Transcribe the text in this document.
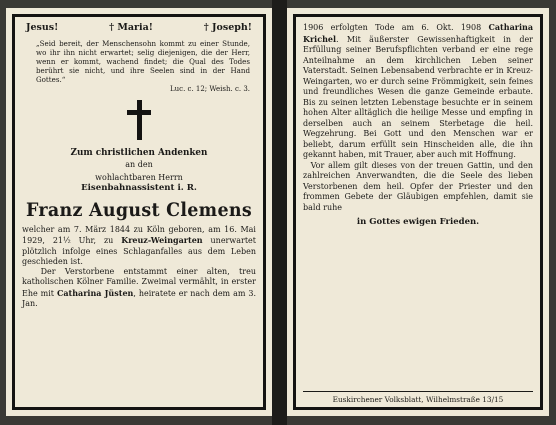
Jesus!	† Maria!	† Joseph!
„Seid bereit, der Menschensohn kommt zu einer Stunde, wo ihr ihn nicht erwartet; selig diejenigen, die der Herr, wenn er kommt, wachend findet; die Qual des Todes berührt sie nicht, und ihre Seelen sind in der Hand Gottes.“
Luc. c. 12; Weish. c. 3.
Zum christlichen Andenken
an den
wohlachtbaren Herrn
Eisenbahnassistent i. R.
Franz August Clemens
welcher am 7. März 1844 zu Köln geboren, am 16. Mai 1929, 21½ Uhr, zu Kreuz-Weingarten unerwartet plötzlich infolge eines Schlaganfalles aus dem Leben geschieden ist.
Der Verstorbene entstammt einer alten, treu katholischen Kölner Familie. Zweimal vermählt, in erster Ehe mit Catharina Jüsten, heiratete er nach dem am 3. Jan.
1906 erfolgten Tode am 6. Okt. 1908 Catharina Krichel. Mit äußerster Gewissenhaftigkeit in der Erfüllung seiner Berufspflichten verband er eine rege Anteilnahme an dem kirchlichen Leben seiner Vaterstadt. Seinen Lebensabend verbrachte er in Kreuz-Weingarten, wo er durch seine Frömmigkeit, sein feines und freundliches Wesen die ganze Gemeinde erbaute. Bis zu seinen letzten Lebenstage besuchte er in seinem hohen Alter alltäglich die heilige Messe und empfing in derselben auch an seinem Sterbetage die heil. Wegzehrung. Bei Gott und den Menschen war er beliebt, darum erfüllt sein Hinscheiden alle, die ihn gekannt haben, mit Trauer, aber auch mit Hoffnung.
Vor allem gilt dieses von der treuen Gattin, und den zahlreichen Anverwandten, die die Seele des lieben Verstorbenen dem heil. Opfer der Priester und den frommen Gebete der Gläubigen empfehlen, damit sie bald ruhe
in Gottes ewigen Frieden.
Euskirchener Volksblatt, Wilhelmstraße 13/15
